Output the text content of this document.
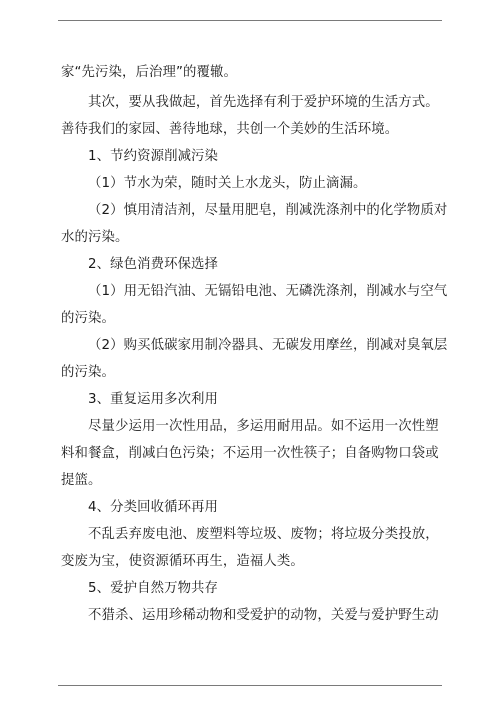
家“先污染，后治理”的覆辙。
其次，要从我做起，首先选择有利于爱护环境的生活方式。
善待我们的家园、善待地球，共创一个美妙的生活环境。
1、节约资源削减污染
（1）节水为荣，随时关上水龙头，防止滴漏。
（2）慎用清洁剂，尽量用肥皂，削减洗涤剂中的化学物质对
水的污染。
2、绿色消费环保选择
（1）用无铅汽油、无镉铅电池、无磷洗涤剂，削减水与空气
的污染。
（2）购买低碳家用制冷器具、无碳发用摩丝，削减对臭氧层
的污染。
3、重复运用多次利用
尽量少运用一次性用品，多运用耐用品。如不运用一次性塑
料和餐盒，削减白色污染；不运用一次性筷子；自备购物口袋或
提篮。
4、分类回收循环再用
不乱丢弃废电池、废塑料等垃圾、废物；将垃圾分类投放，
变废为宝，使资源循环再生，造福人类。
5、爱护自然万物共存
不猎杀、运用珍稀动物和受爱护的动物，关爱与爱护野生动
